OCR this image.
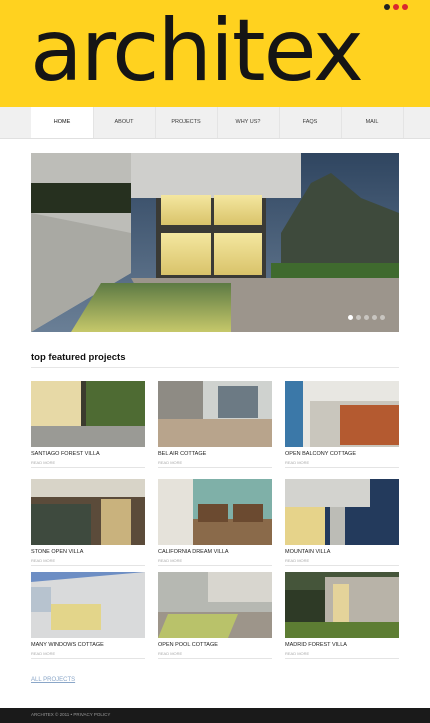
architex
HOME	ABOUT	PROJECTS	WHY US?	FAQS	MAIL
top featured projects
SANTIAGO FOREST VILLA
READ MORE
BEL AIR COTTAGE
READ MORE
OPEN BALCONY COTTAGE
READ MORE
STONE OPEN VILLA
READ MORE
CALIFORNIA DREAM VILLA
READ MORE
MOUNTAIN VILLA
READ MORE
MANY WINDOWS COTTAGE
READ MORE
OPEN POOL COTTAGE
READ MORE
MADRID FOREST VILLA
READ MORE
ALL PROJECTS
ARCHITEX © 2011 • PRIVACY POLICY
